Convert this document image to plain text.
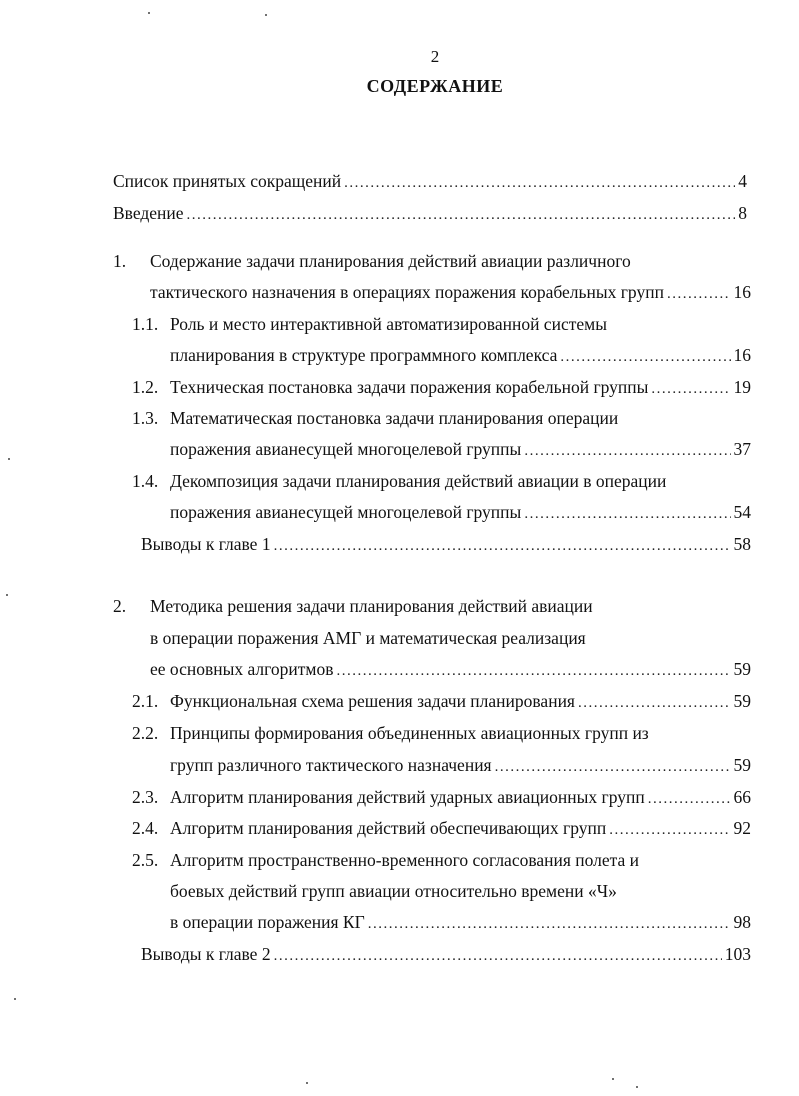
2
СОДЕРЖАНИЕ
Список принятых сокращений .....	4
Введение .....	8
1.	Содержание задачи планирования действий авиации различного
тактического назначения в операциях поражения корабельных групп .....	16
1.1. Роль и место интерактивной автоматизированной системы
планирования в структуре программного комплекса .....	16
1.2. Техническая постановка задачи поражения корабельной группы .....	19
1.3. Математическая постановка задачи планирования операции
поражения авианесущей многоцелевой группы .....	37
1.4. Декомпозиция задачи планирования действий авиации в операции
поражения авианесущей многоцелевой группы .....	54
Выводы к главе 1 .....	58
2.	Методика решения задачи планирования действий авиации
в операции поражения АМГ и математическая реализация
ее основных алгоритмов .....	59
2.1. Функциональная схема решения задачи планирования .....	59
2.2. Принципы формирования объединенных авиационных групп из
групп различного тактического назначения .....	59
2.3. Алгоритм планирования действий ударных авиационных групп .....	66
2.4. Алгоритм планирования действий обеспечивающих групп .....	92
2.5. Алгоритм пространственно-временного согласования полета и
боевых действий групп авиации относительно времени «Ч»
в операции поражения КГ .....	98
Выводы к главе 2 .....	103
